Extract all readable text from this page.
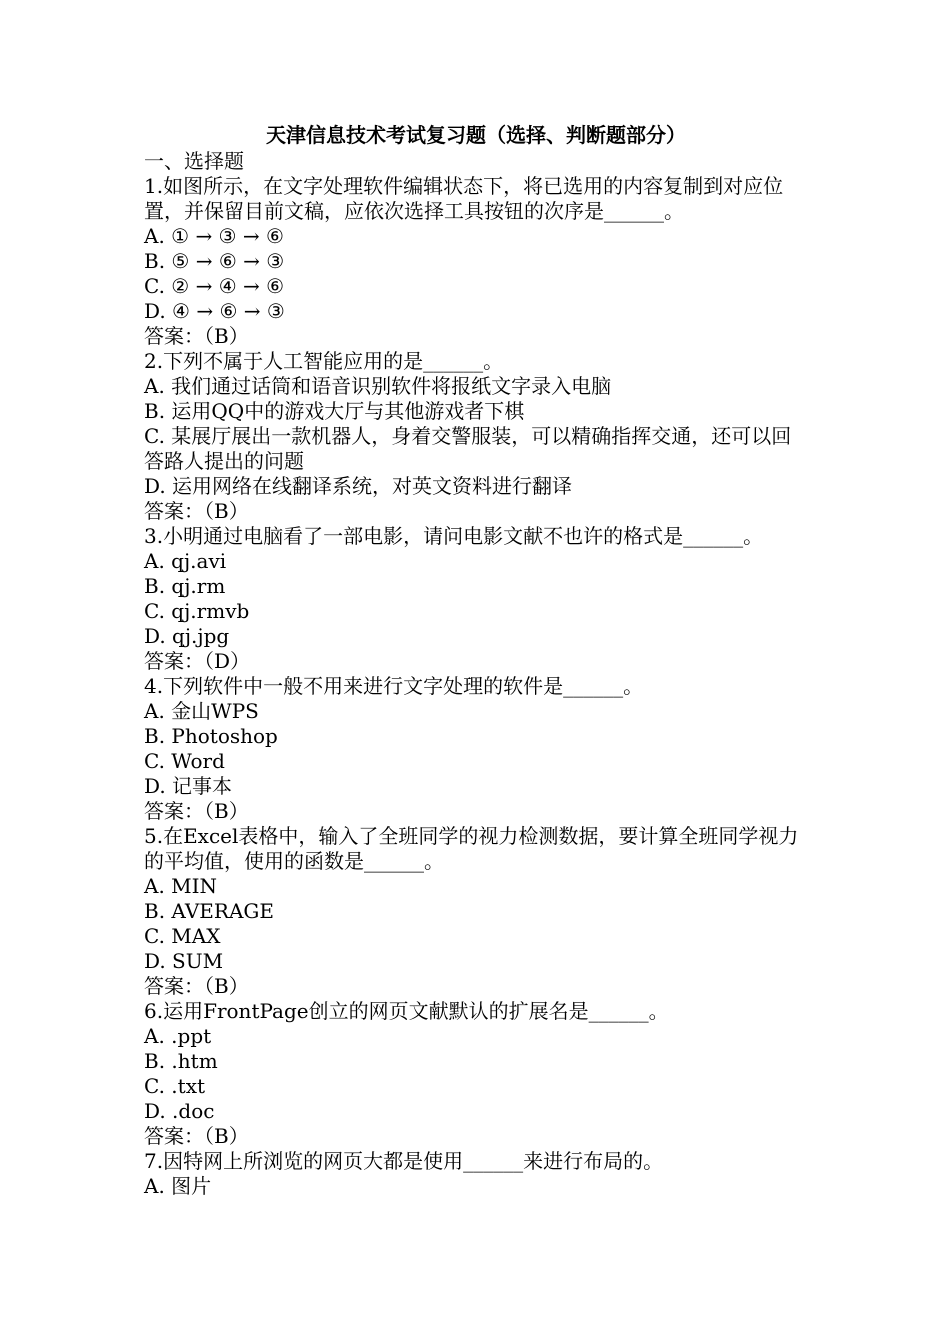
天津信息技术考试复习题（选择、判断题部分）

一、选择题

1.如图所示，在文字处理软件编辑状态下，将已选用的内容复制到对应位置，并保留目前文稿，应依次选择工具按钮的次序是______。

A. ① → ③ → ⑥

B. ⑤ → ⑥ → ③

C. ② → ④ → ⑥

D. ④ → ⑥ → ③

答案：（B）

2.下列不属于人工智能应用的是______。

A. 我们通过话筒和语音识别软件将报纸文字录入电脑

B. 运用QQ中的游戏大厅与其他游戏者下棋

C. 某展厅展出一款机器人，身着交警服装，可以精确指挥交通，还可以回答路人提出的问题

D. 运用网络在线翻译系统，对英文资料进行翻译

答案：（B）

3.小明通过电脑看了一部电影，请问电影文献不也许的格式是______。

A. qj.avi

B. qj.rm

C. qj.rmvb

D. qj.jpg

答案：（D）

4.下列软件中一般不用来进行文字处理的软件是______。

A. 金山WPS

B. Photoshop

C. Word

D. 记事本

答案：（B）

5.在Excel表格中，输入了全班同学的视力检测数据，要计算全班同学视力的平均值，使用的函数是______。

A. MIN

B. AVERAGE

C. MAX

D. SUM

答案：（B）

6.运用FrontPage创立的网页文献默认的扩展名是______。

A. .ppt

B. .htm

C. .txt

D. .doc

答案：（B）

7.因特网上所浏览的网页大都是使用______来进行布局的。

A. 图片
